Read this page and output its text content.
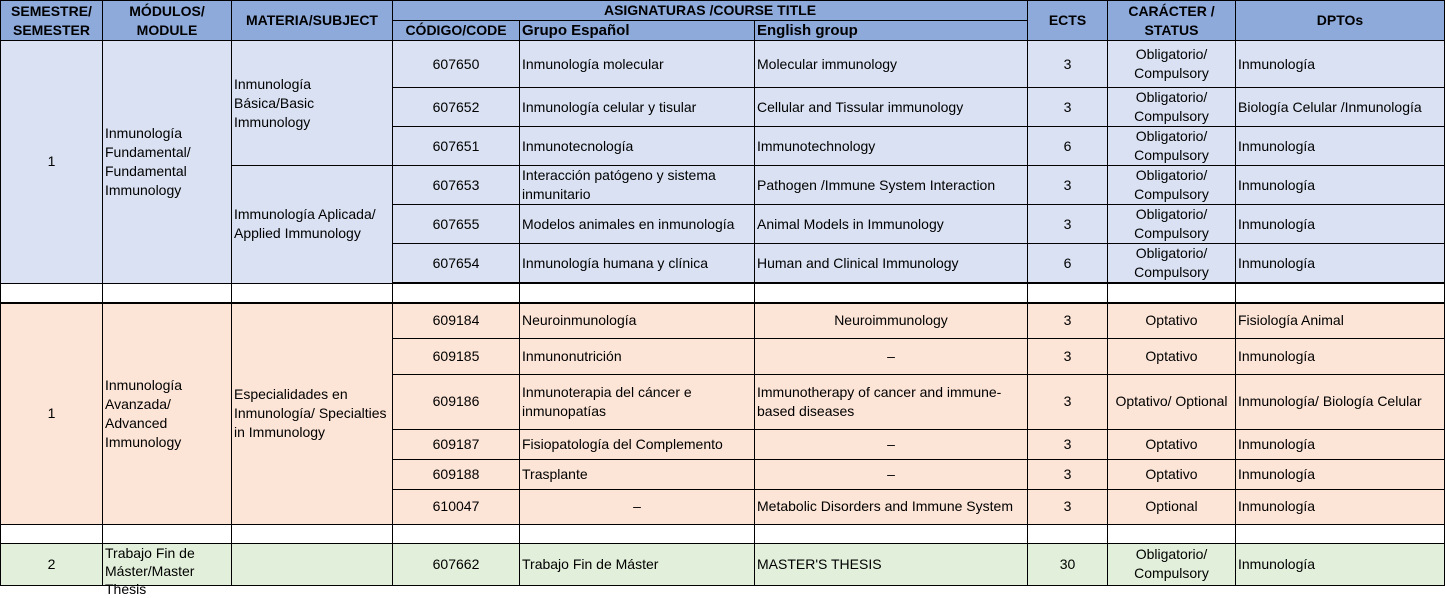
SEMESTRE/ SEMESTER	MÓDULOS/ MODULE	MATERIA/SUBJECT	ASIGNATURAS /COURSE TITLE			ECTS	CARÁCTER / STATUS	DPTOs
			CÓDIGO/CODE	Grupo Español	English group			
1	Inmunología Fundamental/ Fundamental Immunology	Inmunología Básica/Basic Immunology	607650	Inmunología molecular	Molecular immunology	3	Obligatorio/ Compulsory	Inmunología
			607652	Inmunología celular y tisular	Cellular and Tissular immunology	3	Obligatorio/ Compulsory	Biología Celular /Inmunología
			607651	Inmunotecnología	Immunotechnology	6	Obligatorio/ Compulsory	Inmunología
		Immunología Aplicada/ Applied Immunology	607653	Interacción patógeno y sistema inmunitario	Pathogen /Immune System Interaction	3	Obligatorio/ Compulsory	Inmunología
			607655	Modelos animales en inmunología	Animal Models in Immunology	3	Obligatorio/ Compulsory	Inmunología
			607654	Inmunología humana y clínica	Human and Clinical Immunology	6	Obligatorio/ Compulsory	Inmunología

1	Inmunología Avanzada/ Advanced Immunology	Especialidades en Inmunología/ Specialties in Immunology	609184	Neuroinmunología	Neuroimmunology	3	Optativo	Fisiología Animal
			609185	Inmunonutrición	–	3	Optativo	Inmunología
			609186	Inmunoterapia del cáncer e inmunopatías	Immunotherapy of cancer and immune-based diseases	3	Optativo/ Optional	Inmunología/ Biología Celular
			609187	Fisiopatología del Complemento	–	3	Optativo	Inmunología
			609188	Trasplante	–	3	Optativo	Inmunología
			610047	–	Metabolic Disorders and Immune System	3	Optional	Inmunología

2	Trabajo Fin de Máster/Master Thesis		607662	Trabajo Fin de Máster	MASTER'S THESIS	30	Obligatorio/ Compulsory	Inmunología
